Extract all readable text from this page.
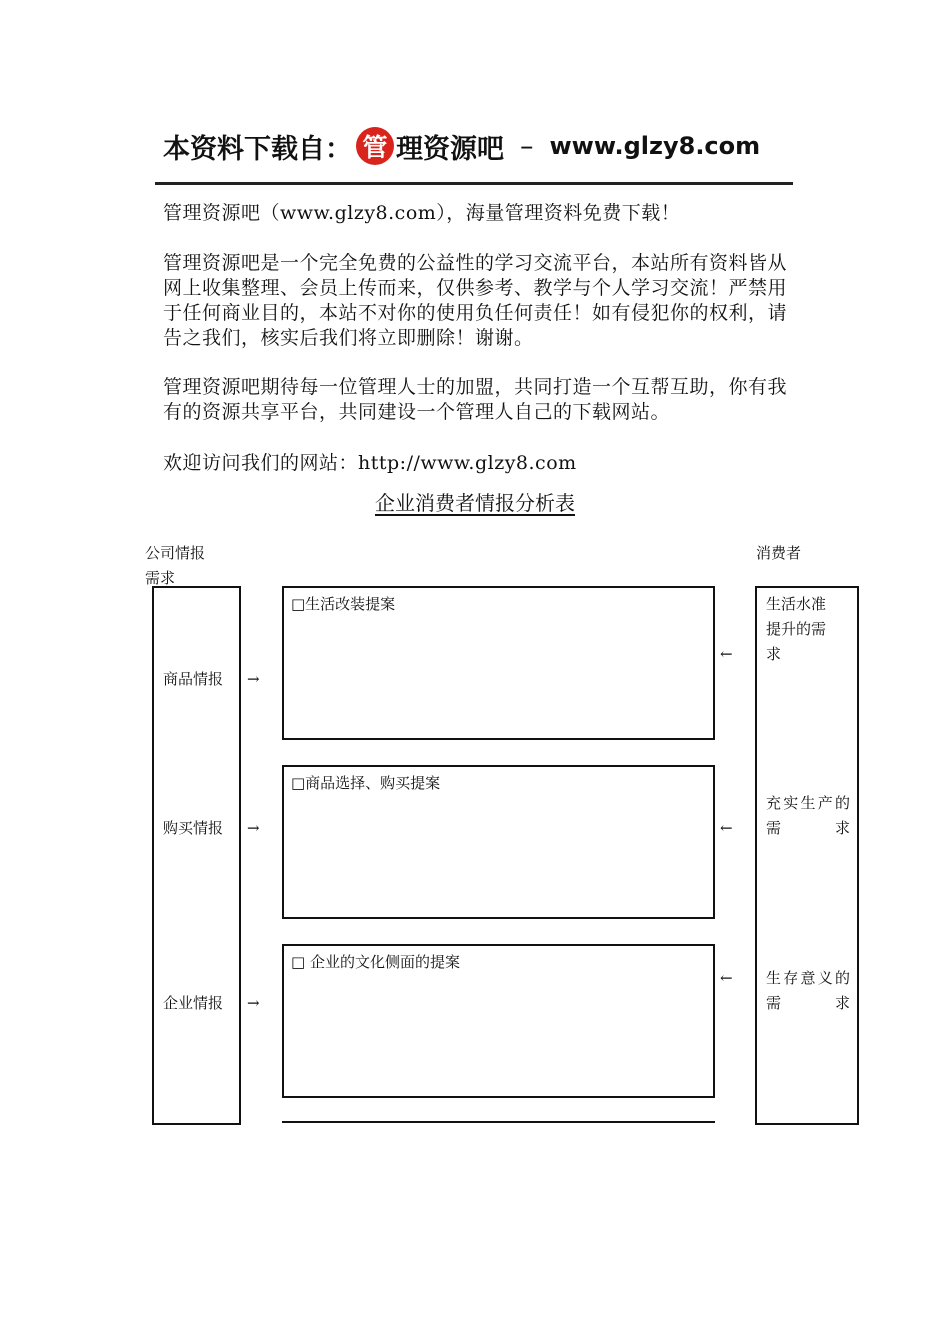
本资料下载自： 管 理资源吧 – www.glzy8.com

管理资源吧（www.glzy8.com），海量管理资料免费下载！

管理资源吧是一个完全免费的公益性的学习交流平台，本站所有资料皆从网上收集整理、会员上传而来，仅供参考、教学与个人学习交流！严禁用于任何商业目的，本站不对你的使用负任何责任！如有侵犯你的权利，请告之我们，核实后我们将立即删除！谢谢。

管理资源吧期待每一位管理人士的加盟，共同打造一个互帮互助，你有我有的资源共享平台，共同建设一个管理人自己的下载网站。

欢迎访问我们的网站：http://www.glzy8.com

企业消费者情报分析表
公司情报需求
消费者
商品情报
购买情报
企业情报
→
→
→
□生活改装提案
□商品选择、购买提案
□ 企业的文化侧面的提案
←
←
←
生活水准提升的需求
充实生产的需求
生存意义的需求
